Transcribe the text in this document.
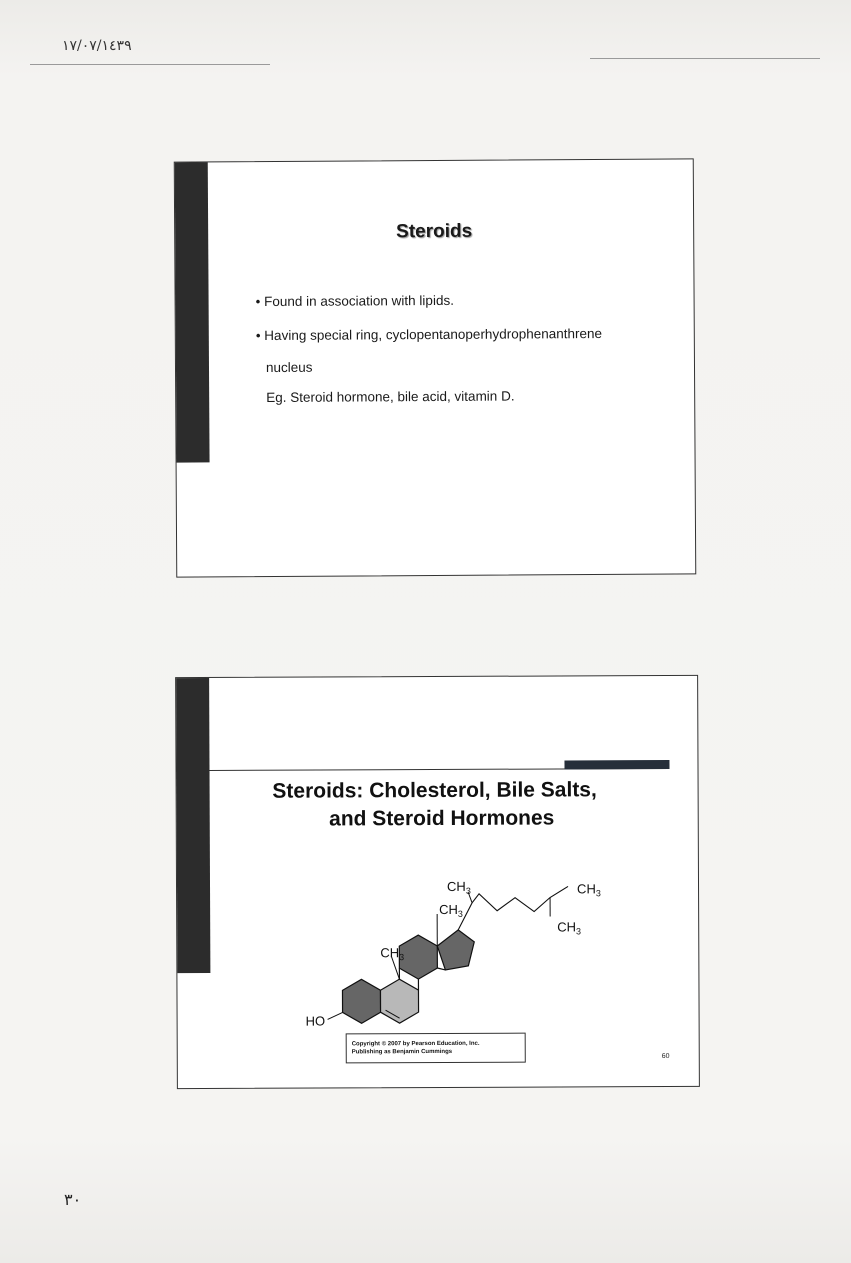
١٧/٠٧/١٤٣٩
Steroids
• Found in association with lipids.
• Having special ring, cyclopentanoperhydrophenanthrene
nucleus
Eg. Steroid hormone, bile acid, vitamin D.
Steroids: Cholesterol, Bile Salts,
and Steroid Hormones
$CH_3$
$CH_3$
$CH_3$
$CH_3$
$CH_3$
HO
Copyright © 2007 by Pearson Education, Inc.
Publishing as Benjamin Cummings
60
٣٠
